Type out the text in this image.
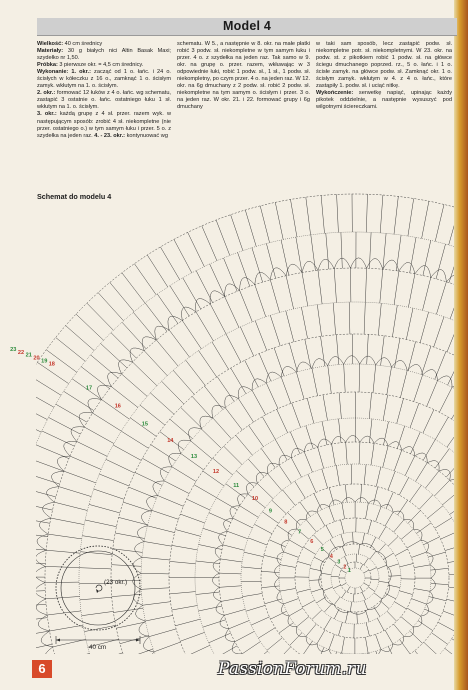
Model 4

Wielkość: 40 cm średnicy

Materiały: 30 g białych nici Altin Basak Maxi; szydełko nr 1,50.

Próbka: 3 pierwsze okr. = 4,5 cm średnicy.

Wykonanie: 1. okr.: zacząć od 1 o. łańc. i 24 o. ścisłych w kółeczku z 16 o., zamknąć 1 o. ścisłym zamyk. wkłutym na 1. o. ścisłym.

2. okr.: formować 12 łuków z 4 o. łańc. wg schematu, zastąpić 3 ostatnie o. łańc. ostatniego łuku 1 sł. wkłutym na 1. o. ścisłym.

3. okr.: każdą grupę z 4 sł. przer. razem wyk. w następującym sposób: zrobić 4 sł. niekompletne (nie przer. ostatniego o.) w tym samym łuku i przer. 5 o. z szydełka na jeden raz. 4. - 23. okr.: kontynuować wg

schematu. W 5., a następnie w 8. okr. na małe płatki robić 3 podw. sł. niekompletne w tym samym łuku i przer. 4 o. z szydełka na jeden raz. Tak samo w 9. okr. na grupę o. przer. razem, wkłuwając w 3 odpowiednie łuki, robić 1 podw. sł., 1 sł., 1 podw. sł. niekompletny, po czym przer. 4 o. na jeden raz. W 12. okr. na 6g dmuchany z 2 podw. sł. robić 2 podw. sł. niekompletne na tym samym o. ścisłym i przer. 3 o. na jeden raz. W okr. 21. i 22. formować grupy i 6g dmuchany

w taki sam sposób, lecz zastąpić podw. sł. niekompletne potr. sł. niekompletnymi. W 23. okr. na podw. st. z pikotkiem robić 1 podw. sł. na główce ściegu dmuchanego poprzed. rz., 5 o. łańc. i 1 o. ścisłe zamyk. na główce podw. sł. Zamknąć okr. 1 o. ścisłym zamyk. wkłutym w 4. z 4 o. łańc., które zastąpiły 1. podw. sł. i uciąć nitkę.

Wykończenie: serwetkę napiąć, upinając każdy pikotek oddzielnie, a następnie wysuszyć pod wilgotnymi ściereczkami.

Schemat do modelu 4
1
2
3
4
5
6
7
8
9
10
11
12
13
14
15
16
17
18
19
20
21
22
23
(23 okr.)
40 cm
6	PassionForum.ru
